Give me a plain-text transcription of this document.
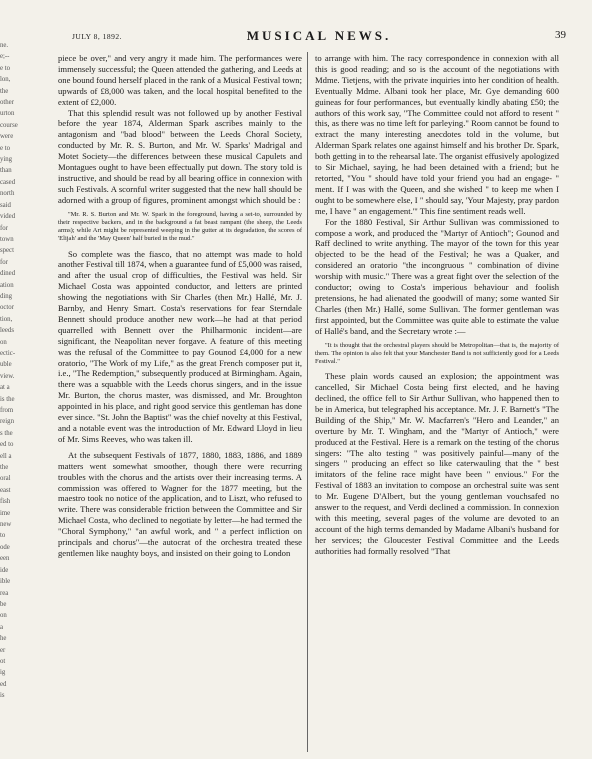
ne.
e;--
e to
lon,
the
other
urton
course
were
e to
ying
than
cased
north
said
vided
for
town
spect
for
dined
ation
ding
octor
tion,
leeds
on
ectic-
uble
view.
at a
is the
from
reign
s the
ed to
ell a
the
oral
east
fish
ime
new
to
ode
een
ide
ible
rea
be
on
a
he
er
ot
ig
ed
is
JULY 8, 1892.	MUSICAL NEWS.	39

piece be over," and very angry it made him. The performances were immensely successful; the Queen attended the gathering, and Leeds at one bound found herself placed in the rank of a Musical Festival town; upwards of £8,000 was taken, and the local hospital benefited to the extent of £2,000.

That this splendid result was not followed up by another Festival before the year 1874, Alderman Spark ascribes mainly to the antagonism and "bad blood" between the Leeds Choral Society, conducted by Mr. R. S. Burton, and Mr. W. Sparks' Madrigal and Motet Society—the differences between these musical Capulets and Montagues ought to have been effectually put down. The story told is instructive, and should be read by all bearing office in connexion with such Festivals. A scornful writer suggested that the new hall should be adorned with a group of figures, prominent amongst which should be :

"Mr. R. S. Burton and Mr. W. Spark in the foreground, having a set-to, surrounded by their respective backers, and in the background a fat beast rampant (the sheep, the Leeds arms); while Art might be represented weeping in the gutter at its degradation, the scores of 'Elijah' and the 'May Queen' half buried in the mud."

So complete was the fiasco, that no attempt was made to hold another Festival till 1874, when a guarantee fund of £5,000 was raised, and after the usual crop of difficulties, the Festival was held. Sir Michael Costa was appointed conductor, and letters are printed showing the negotiations with Sir Charles (then Mr.) Hallé, Mr. J. Barnby, and Henry Smart. Costa's reservations for fear Sterndale Bennett should produce another new work—he had at that period quarrelled with Bennett over the Philharmonic incident—are significant, the Neapolitan never forgave. A feature of this meeting was the refusal of the Committee to pay Gounod £4,000 for a new oratorio, "The Work of my Life," as the great French composer put it, i.e., "The Redemption," subsequently produced at Birmingham. Again, there was a squabble with the Leeds chorus singers, and in the issue Mr. Burton, the chorus master, was dismissed, and Mr. Broughton appointed in his place, and right good service this gentleman has done ever since. "St. John the Baptist" was the chief novelty at this Festival, and a notable event was the introduction of Mr. Edward Lloyd in lieu of Mr. Sims Reeves, who was taken ill.

At the subsequent Festivals of 1877, 1880, 1883, 1886, and 1889 matters went somewhat smoother, though there were recurring troubles with the chorus and the artists over their increasing terms. A commission was offered to Wagner for the 1877 meeting, but the maestro took no notice of the application, and to Liszt, who refused to write. There was considerable friction between the Committee and Sir Michael Costa, who declined to negotiate by letter—he had termed the "Choral Symphony," "an awful work, and " a perfect infliction on principals and chorus"—the autocrat of the orchestra treated these gentlemen like naughty boys, and insisted on their going to London

to arrange with him. The racy correspondence in connexion with all this is good reading; and so is the account of the negotiations with Mdme. Tietjens, with the private inquiries into her condition of health. Eventually Mdme. Albani took her place, Mr. Gye demanding 600 guineas for four performances, but eventually kindly abating £50; the authors of this work say, "The Committee could not afford to resent " this, as there was no time left for parleying." Room cannot be found to extract the many interesting anecdotes told in the volume, but Alderman Spark relates one against himself and his brother Dr. Spark, both getting in to the rehearsal late. The organist effusively apologized to Sir Michael, saying, he had been detained with a friend; but he retorted, "You " should have told your friend you had an engage- " ment. If I was with the Queen, and she wished " to keep me when I ought to be somewhere else, I " should say, 'Your Majesty, pray pardon me, I have " an engagement.'" This fine sentiment reads well.

For the 1880 Festival, Sir Arthur Sullivan was commissioned to compose a work, and produced the "Martyr of Antioch"; Gounod and Raff declined to write anything. The mayor of the town for this year objected to be the head of the Festival; he was a Quaker, and considered an oratorio "the incongruous " combination of divine worship with music." There was a great fight over the selection of the conductor; owing to Costa's imperious behaviour and foolish pretensions, he had alienated the goodwill of many; some wanted Sir Charles (then Mr.) Hallé, some Sullivan. The former gentleman was first appointed, but the Committee was quite able to estimate the value of Hallé's band, and the Secretary wrote :—

"It is thought that the orchestral players should be Metropolitan—that is, the majority of them. The opinion is also felt that your Manchester Band is not sufficiently good for a Leeds Festival."

These plain words caused an explosion; the appointment was cancelled, Sir Michael Costa being first elected, and he having declined, the office fell to Sir Arthur Sullivan, who happened then to be in America, but telegraphed his acceptance. Mr. J. F. Barnett's "The Building of the Ship," Mr. W. Macfarren's "Hero and Leander," an overture by Mr. T. Wingham, and the "Martyr of Antioch," were produced at the Festival. Here is a remark on the testing of the chorus singers: "The alto testing " was positively painful—many of the singers " producing an effect so like caterwauling that the " best imitators of the feline race might have been " envious." For the Festival of 1883 an invitation to compose an orchestral suite was sent to Mr. Eugene D'Albert, but the young gentleman vouchsafed no answer to the request, and Verdi declined a commission. In connexion with this meeting, several pages of the volume are devoted to an account of the high terms demanded by Madame Albani's husband for her services; the Gloucester Festival Committee and the Leeds authorities had formally resolved "That
